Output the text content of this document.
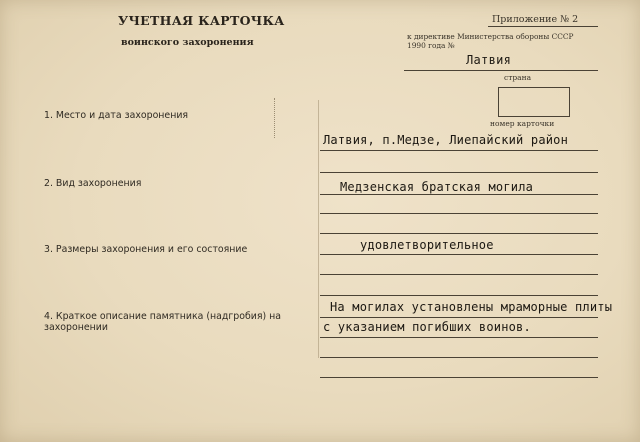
УЧЕТНАЯ КАРТОЧКА
воинского захоронения
Приложение № 2
к директиве Министерства обороны СССР
1990 года №
Латвия
страна
номер карточки
1. Место и дата захоронения
2. Вид захоронения
3. Размеры захоронения и его состояние
4. Краткое описание памятника (надгробия) на захоронении
Латвия, п.Медзе, Лиепайский район
Медзенская братская могила
удовлетворительное
На могилах установлены мраморные плиты
с указанием погибших воинов.
